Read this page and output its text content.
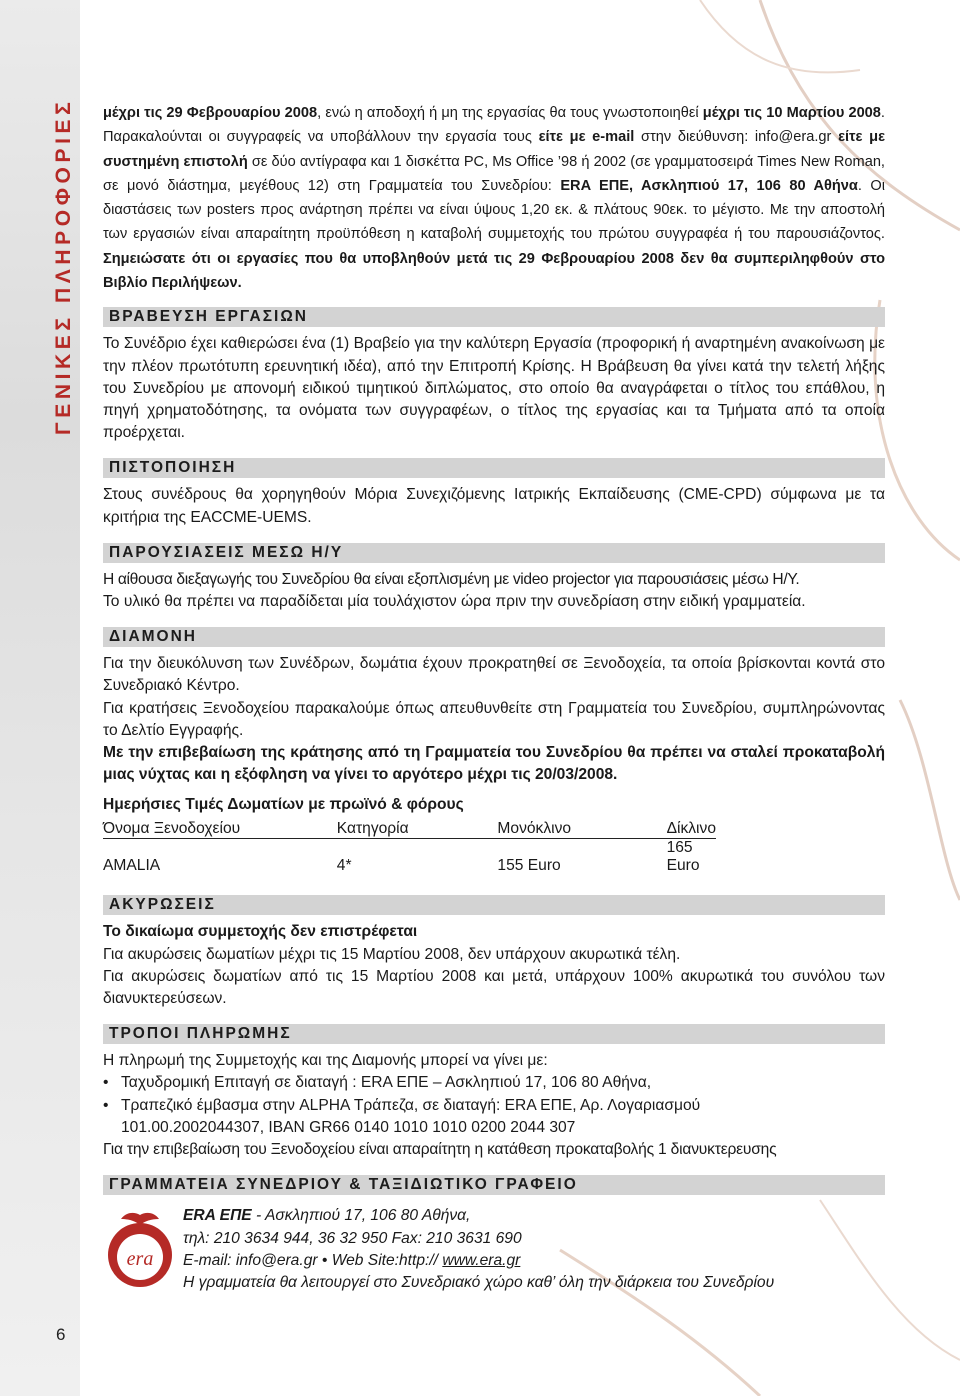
ΓΕΝΙΚΕΣ ΠΛΗΡΟΦΟΡΙΕΣ
6

μέχρι τις 29 Φεβρουαρίου 2008, ενώ η αποδοχή ή μη της εργασίας θα τους γνωστοποιηθεί μέχρι τις 10 Μαρτίου 2008. Παρακαλούνται οι συγγραφείς να υποβάλλουν την εργασία τους είτε με e-mail στην διεύθυνση: info@era.gr είτε με συστημένη επιστολή σε δύο αντίγραφα και 1 δισκέττα PC, Ms Office ’98 ή 2002 (σε γραμματοσειρά Times New Roman, σε μονό διάστημα, μεγέθους 12) στη Γραμματεία του Συνεδρίου: ERA ΕΠΕ, Ασκληπιού 17, 106 80 Αθήνα. Οι διαστάσεις των posters προς ανάρτηση πρέπει να είναι ύψους 1,20 εκ. & πλάτους 90εκ. το μέγιστο. Με την αποστολή των εργασιών είναι απαραίτητη προϋπόθεση η καταβολή συμμετοχής του πρώτου συγγραφέα ή του παρουσιάζοντος. Σημειώσατε ότι οι εργασίες που θα υποβληθούν μετά τις 29 Φεβρουαρίου 2008 δεν θα συμπεριληφθούν στο Βιβλίο Περιλήψεων.

ΒΡΑΒΕΥΣΗ ΕΡΓΑΣΙΩΝ

Το Συνέδριο έχει καθιερώσει ένα (1) Βραβείο για την καλύτερη Εργασία (προφορική ή αναρτημένη ανακοίνωση με την πλέον πρωτότυπη ερευνητική ιδέα), από την Επιτροπή Κρίσης. Η Βράβευση θα γίνει κατά την τελετή λήξης του Συνεδρίου με απονομή ειδικού τιμητικού διπλώματος, στο οποίο θα αναγράφεται ο τίτλος του επάθλου, η πηγή χρηματοδότησης, τα ονόματα των συγγραφέων, ο τίτλος της εργασίας και τα Τμήματα από τα οποία προέρχεται.

ΠΙΣΤΟΠΟΙΗΣΗ

Στους συνέδρους θα χορηγηθούν Μόρια Συνεχιζόμενης Ιατρικής Εκπαίδευσης (CME-CPD) σύμφωνα με τα κριτήρια της EACCME-UEMS.

ΠΑΡΟΥΣΙΑΣΕΙΣ ΜΕΣΩ Η/Υ

Η αίθουσα διεξαγωγής του Συνεδρίου θα είναι εξοπλισμένη με video projector για παρουσιάσεις μέσω Η/Υ.

Το υλικό θα πρέπει να παραδίδεται μία τουλάχιστον ώρα πριν την συνεδρίαση στην ειδική γραμματεία.

ΔΙΑΜΟΝΗ

Για την διευκόλυνση των Συνέδρων, δωμάτια έχουν προκρατηθεί σε Ξενοδοχεία, τα οποία βρίσκονται κοντά στο Συνεδριακό Κέντρο.

Για κρατήσεις Ξενοδοχείου παρακαλούμε όπως απευθυνθείτε στη Γραμματεία του Συνεδρίου, συμπληρώνοντας το Δελτίο Εγγραφής.

Με την επιβεβαίωση της κράτησης από τη Γραμματεία του Συνεδρίου θα πρέπει να σταλεί προκαταβολή μιας νύχτας και η εξόφληση να γίνει το αργότερο μέχρι τις 20/03/2008.

Ημερήσιες Τιμές Δωματίων με πρωϊνό & φόρους
Όνομα Ξενοδοχείου	Κατηγορία	Μονόκλινο	Δίκλινο
AMALIA	4*	155 Euro	165 Euro
ΑΚΥΡΩΣΕΙΣ

Το δικαίωμα συμμετοχής δεν επιστρέφεται

Για ακυρώσεις δωματίων μέχρι τις 15 Μαρτίου 2008, δεν υπάρχουν ακυρωτικά τέλη.

Για ακυρώσεις δωματίων από τις 15 Μαρτίου 2008 και μετά, υπάρχουν 100% ακυρωτικά του συνόλου των διανυκτερεύσεων.

ΤΡΟΠΟΙ ΠΛΗΡΩΜΗΣ

Η πληρωμή της Συμμετοχής και της Διαμονής μπορεί να γίνει με:

• Ταχυδρομική Επιταγή σε διαταγή : ERA ΕΠΕ – Ασκληπιού 17, 106 80 Αθήνα,
• Τραπεζικό έμβασμα στην ALPHA Τράπεζα, σε διαταγή: ERA ΕΠΕ, Αρ. Λογαριασμού
101.00.2002044307, IBAN GR66 0140 1010 1010 0200 2044 307

Για την επιβεβαίωση του Ξενοδοχείου είναι απαραίτητη η κατάθεση προκαταβολής 1 διανυκτερευσης

ΓΡΑΜΜΑΤΕΙΑ ΣΥΝΕΔΡΙΟΥ & ΤΑΞΙΔΙΩΤΙΚΟ ΓΡΑΦΕΙΟ
era
ERA ΕΠΕ - Ασκληπιού 17, 106 80 Αθήνα,
τηλ: 210 3634 944, 36 32 950 Fax: 210 3631 690
E-mail: info@era.gr • Web Site:http:// www.era.gr
Η γραμματεία θα λειτουργεί στο Συνεδριακό χώρο καθ’ όλη την διάρκεια του Συνεδρίου
